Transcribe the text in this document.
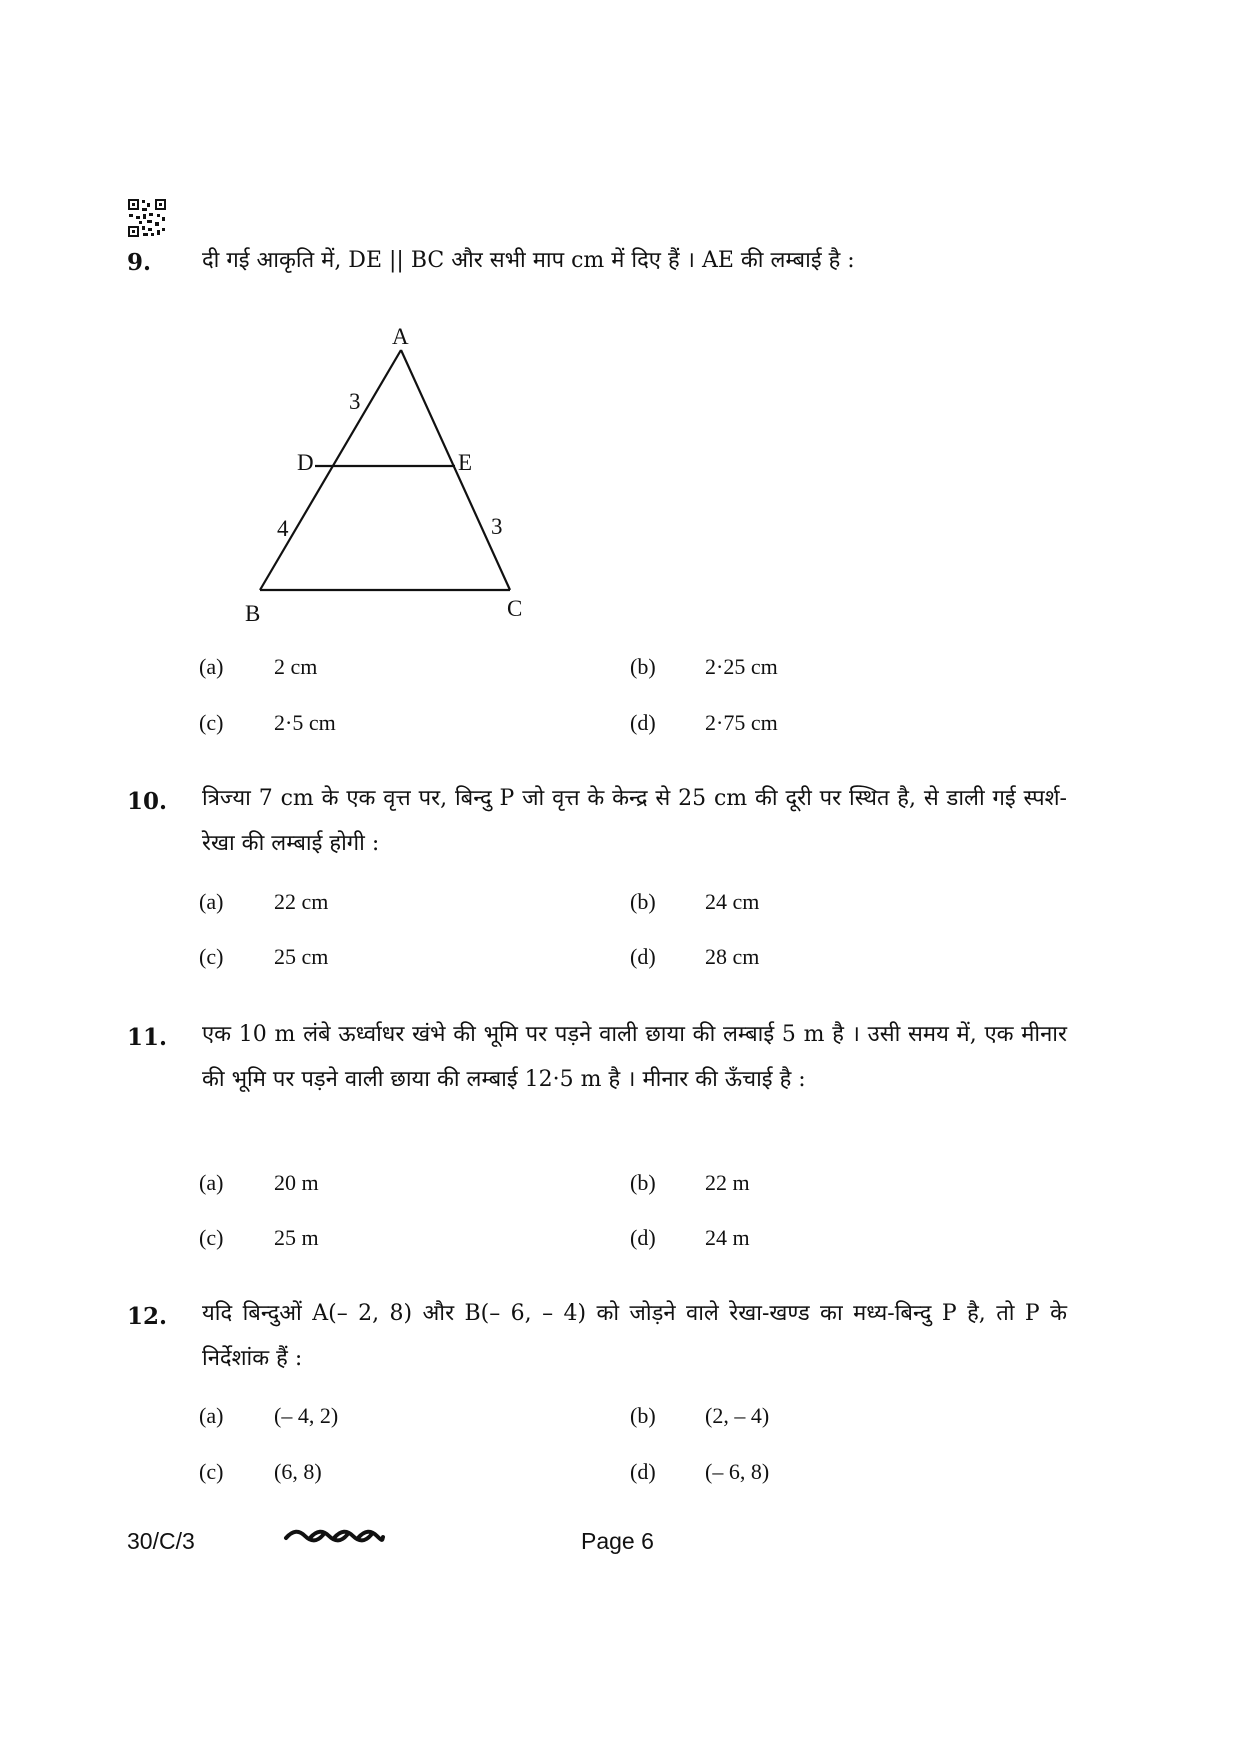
9. दी गई आकृति में, DE || BC और सभी माप cm में दिए हैं । AE की लम्बाई है :
A
B	C
D	E
3
4	3
(a) 2 cm	(b) 2·25 cm
(c) 2·5 cm	(d) 2·75 cm
10. त्रिज्या 7 cm के एक वृत्त पर, बिन्दु P जो वृत्त के केन्द्र से 25 cm की दूरी पर स्थित है, से डाली गई स्पर्श-रेखा की लम्बाई होगी :
(a) 22 cm	(b) 24 cm
(c) 25 cm	(d) 28 cm
11. एक 10 m लंबे ऊर्ध्वाधर खंभे की भूमि पर पड़ने वाली छाया की लम्बाई 5 m है । उसी समय में, एक मीनार की भूमि पर पड़ने वाली छाया की लम्बाई 12·5 m है । मीनार की ऊँचाई है :
(a) 20 m	(b) 22 m
(c) 25 m	(d) 24 m
12. यदि बिन्दुओं A(– 2, 8) और B(– 6, – 4) को जोड़ने वाले रेखा-खण्ड का मध्य-बिन्दु P है, तो P के निर्देशांक हैं :
(a) (– 4, 2)	(b) (2, – 4)
(c) (6, 8)	(d) (– 6, 8)
30/C/3	Page 6
